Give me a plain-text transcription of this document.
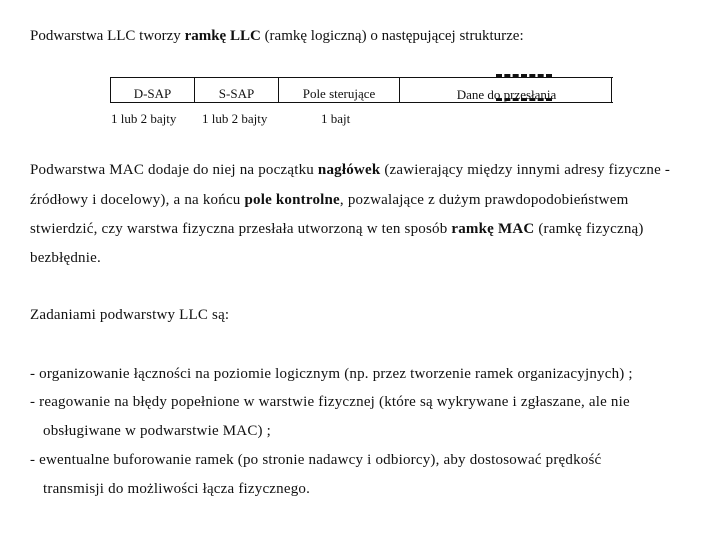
Podwarstwa LLC tworzy ramkę LLC (ramkę logiczną) o następującej strukturze:
D-SAP	S-SAP	Pole sterujące	Dane do przesłania
1 lub 2 bajty 1 lub 2 bajty	1 bajt
Podwarstwa MAC dodaje do niej na początku nagłówek (zawierający między innymi adresy fizyczne -
źródłowy i docelowy), a na końcu pole kontrolne, pozwalające z dużym prawdopodobieństwem
stwierdzić, czy warstwa fizyczna przesłała utworzoną w ten sposób ramkę MAC (ramkę fizyczną)
bezbłędnie.
Zadaniami podwarstwy LLC są:
- organizowanie łączności na poziomie logicznym (np. przez tworzenie ramek organizacyjnych) ;
- reagowanie na błędy popełnione w warstwie fizycznej (które są wykrywane i zgłaszane, ale nie
obsługiwane w podwarstwie MAC) ;
- ewentualne buforowanie ramek (po stronie nadawcy i odbiorcy), aby dostosować prędkość
transmisji do możliwości łącza fizycznego.
